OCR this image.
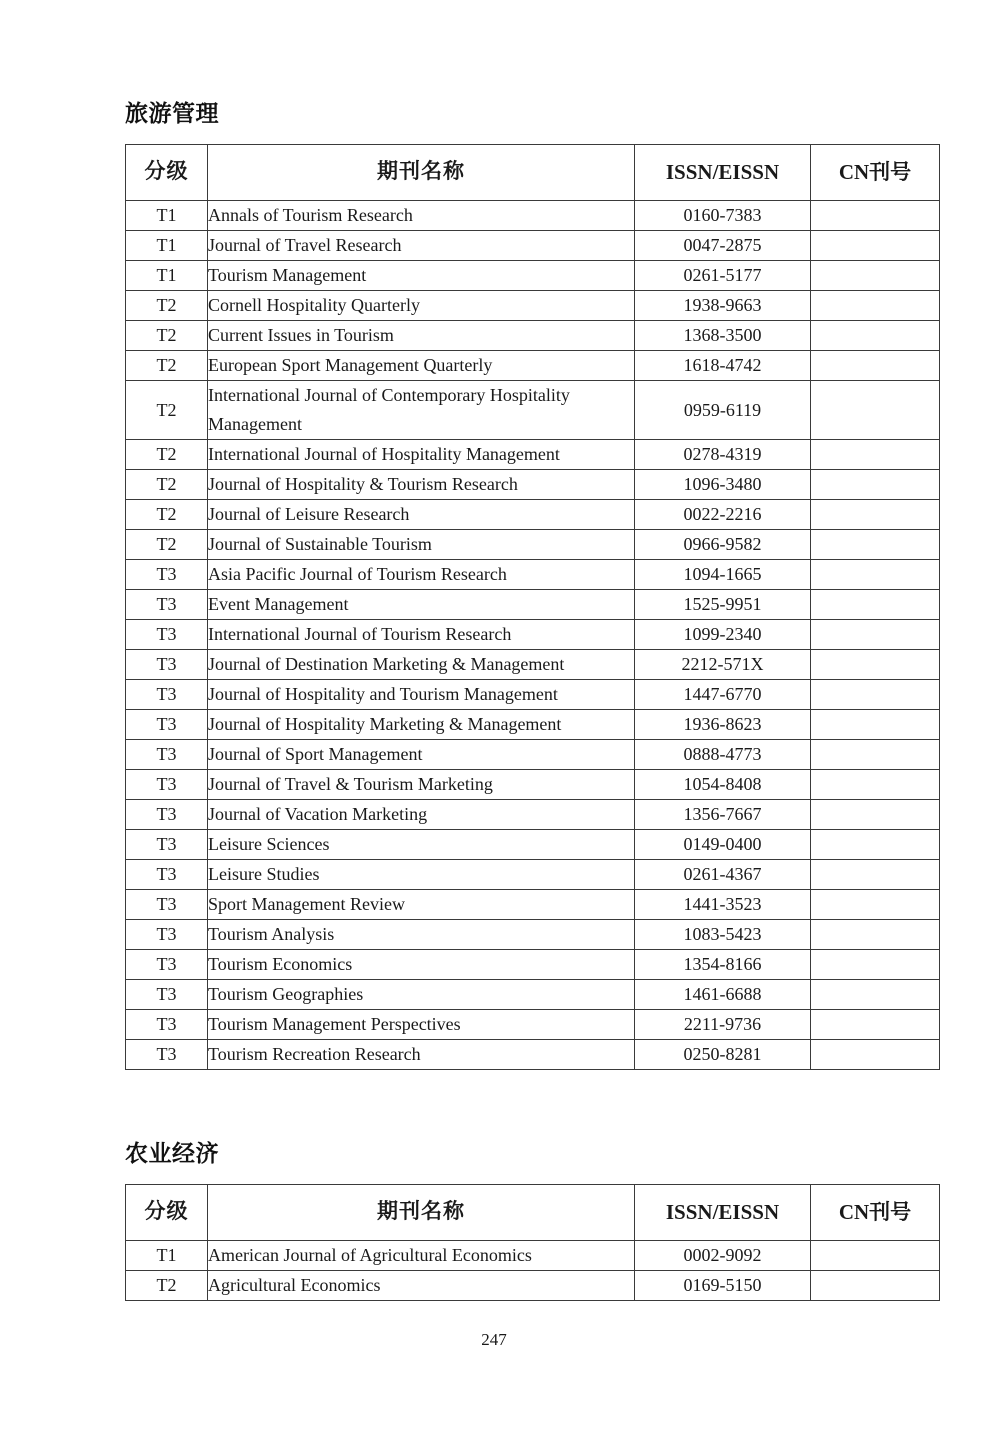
旅游管理
分级	期刊名称	ISSN/EISSN	CN刊号
T1	Annals of Tourism Research	0160-7383	
T1	Journal of Travel Research	0047-2875	
T1	Tourism Management	0261-5177	
T2	Cornell Hospitality Quarterly	1938-9663	
T2	Current Issues in Tourism	1368-3500	
T2	European Sport Management Quarterly	1618-4742	
T2	International Journal of Contemporary Hospitality Management	0959-6119	
T2	International Journal of Hospitality Management	0278-4319	
T2	Journal of Hospitality & Tourism Research	1096-3480	
T2	Journal of Leisure Research	0022-2216	
T2	Journal of Sustainable Tourism	0966-9582	
T3	Asia Pacific Journal of Tourism Research	1094-1665	
T3	Event Management	1525-9951	
T3	International Journal of Tourism Research	1099-2340	
T3	Journal of Destination Marketing & Management	2212-571X	
T3	Journal of Hospitality and Tourism Management	1447-6770	
T3	Journal of Hospitality Marketing & Management	1936-8623	
T3	Journal of Sport Management	0888-4773	
T3	Journal of Travel & Tourism Marketing	1054-8408	
T3	Journal of Vacation Marketing	1356-7667	
T3	Leisure Sciences	0149-0400	
T3	Leisure Studies	0261-4367	
T3	Sport Management Review	1441-3523	
T3	Tourism Analysis	1083-5423	
T3	Tourism Economics	1354-8166	
T3	Tourism Geographies	1461-6688	
T3	Tourism Management Perspectives	2211-9736	
T3	Tourism Recreation Research	0250-8281	
农业经济
分级	期刊名称	ISSN/EISSN	CN刊号
T1	American Journal of Agricultural Economics	0002-9092	
T2	Agricultural Economics	0169-5150	
247
